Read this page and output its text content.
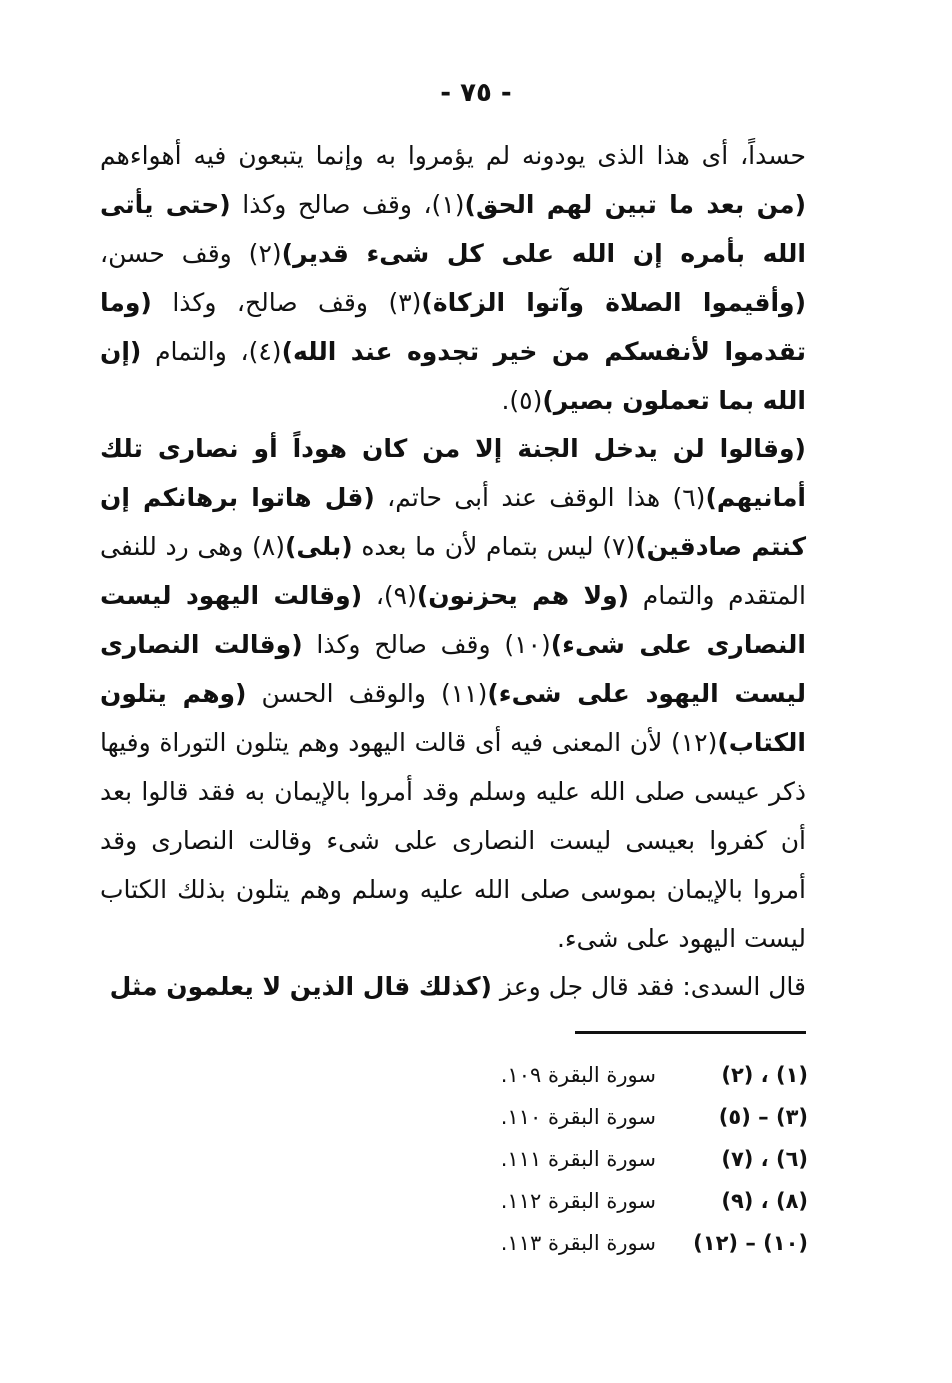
- ٧٥ -

حسداً، أى هذا الذى يودونه لم يؤمروا به وإنما يتبعون فيه أهواءهم (من بعد ما تبين لهم الحق)(١)، وقف صالح وكذا (حتى يأتى الله بأمره إن الله على كل شىء قدير)(٢) وقف حسن، (وأقيموا الصلاة وآتوا الزكاة)(٣) وقف صالح، وكذا (وما تقدموا لأنفسكم من خير تجدوه عند الله)(٤)، والتمام (إن الله بما تعملون بصير)(٥).

(وقالوا لن يدخل الجنة إلا من كان هوداً أو نصارى تلك أمانيهم)(٦) هذا الوقف عند أبى حاتم، (قل هاتوا برهانكم إن كنتم صادقين)(٧) ليس بتمام لأن ما بعده (بلى)(٨) وهى رد للنفى المتقدم والتمام (ولا هم يحزنون)(٩)، (وقالت اليهود ليست النصارى على شىء)(١٠) وقف صالح وكذا (وقالت النصارى ليست اليهود على شىء)(١١) والوقف الحسن (وهم يتلون الكتاب)(١٢) لأن المعنى فيه أى قالت اليهود وهم يتلون التوراة وفيها ذكر عيسى صلى الله عليه وسلم وقد أمروا بالإيمان به فقد قالوا بعد أن كفروا بعيسى ليست النصارى على شىء وقالت النصارى وقد أمروا بالإيمان بموسى صلى الله عليه وسلم وهم يتلون بذلك الكتاب ليست اليهود على شىء.

قال السدى: فقد قال جل وعز (كذلك قال الذين لا يعلمون مثل

(١) ، (٢)
سورة البقرة ١٠٩.
(٣) – (٥)
سورة البقرة ١١٠.
(٦) ، (٧)
سورة البقرة ١١١.
(٨) ، (٩)
سورة البقرة ١١٢.
(١٠) – (١٢)
سورة البقرة ١١٣.
